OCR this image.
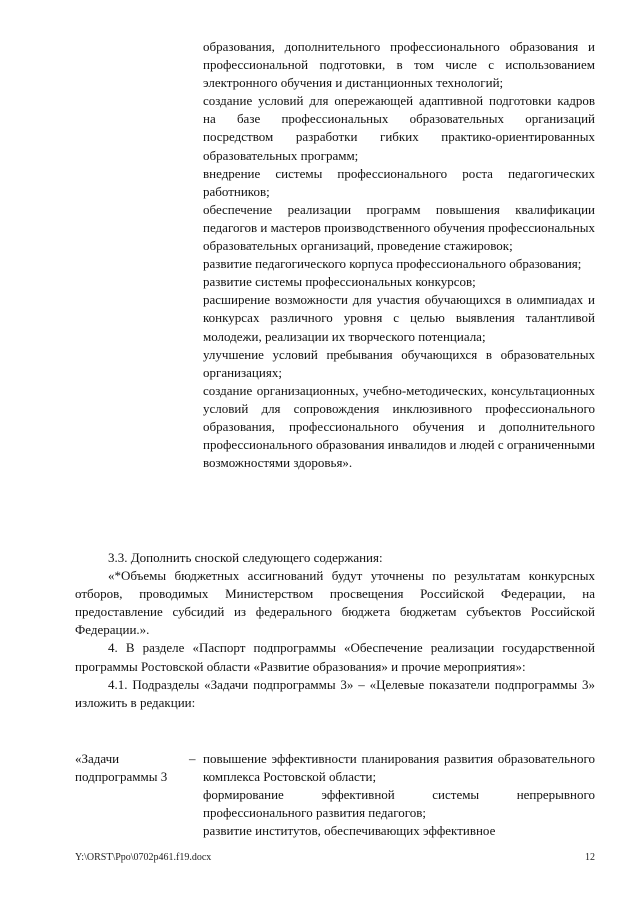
образования, дополнительного профессионального образования и профессиональной подготовки, в том числе с использованием электронного обучения и дистанционных технологий;

создание условий для опережающей адаптивной подготовки кадров на базе профессиональных образовательных организаций посредством разработки гибких практико-ориентированных образовательных программ;

внедрение системы профессионального роста педагогических работников;

обеспечение реализации программ повышения квалификации педагогов и мастеров производственного обучения профессиональных образовательных организаций, проведение стажировок;

развитие педагогического корпуса профессионального образования;

развитие системы профессиональных конкурсов;

расширение возможности для участия обучающихся в олимпиадах и конкурсах различного уровня с целью выявления талантливой молодежи, реализации их творческого потенциала;

улучшение условий пребывания обучающихся в образовательных организациях;

создание организационных, учебно-методических, консультационных условий для сопровождения инклюзивного профессионального образования, профессионального обучения и дополнительного профессионального образования инвалидов и людей с ограниченными возможностями здоровья».

3.3. Дополнить сноской следующего содержания:

«*Объемы бюджетных ассигнований будут уточнены по результатам конкурсных отборов, проводимых Министерством просвещения Российской Федерации, на предоставление субсидий из федерального бюджета бюджетам субъектов Российской Федерации.».

4. В разделе «Паспорт подпрограммы «Обеспечение реализации государственной программы Ростовской области «Развитие образования» и прочие мероприятия»:

4.1. Подразделы «Задачи подпрограммы 3» – «Целевые показатели подпрограммы 3» изложить в редакции:

«Задачи подпрограммы 3
– повышение эффективности планирования развития образовательного комплекса Ростовской области;

формирование эффективной системы непрерывного профессионального развития педагогов;

развитие институтов, обеспечивающих эффективное

Y:\ORST\Ppo\0702p461.f19.docx	12
